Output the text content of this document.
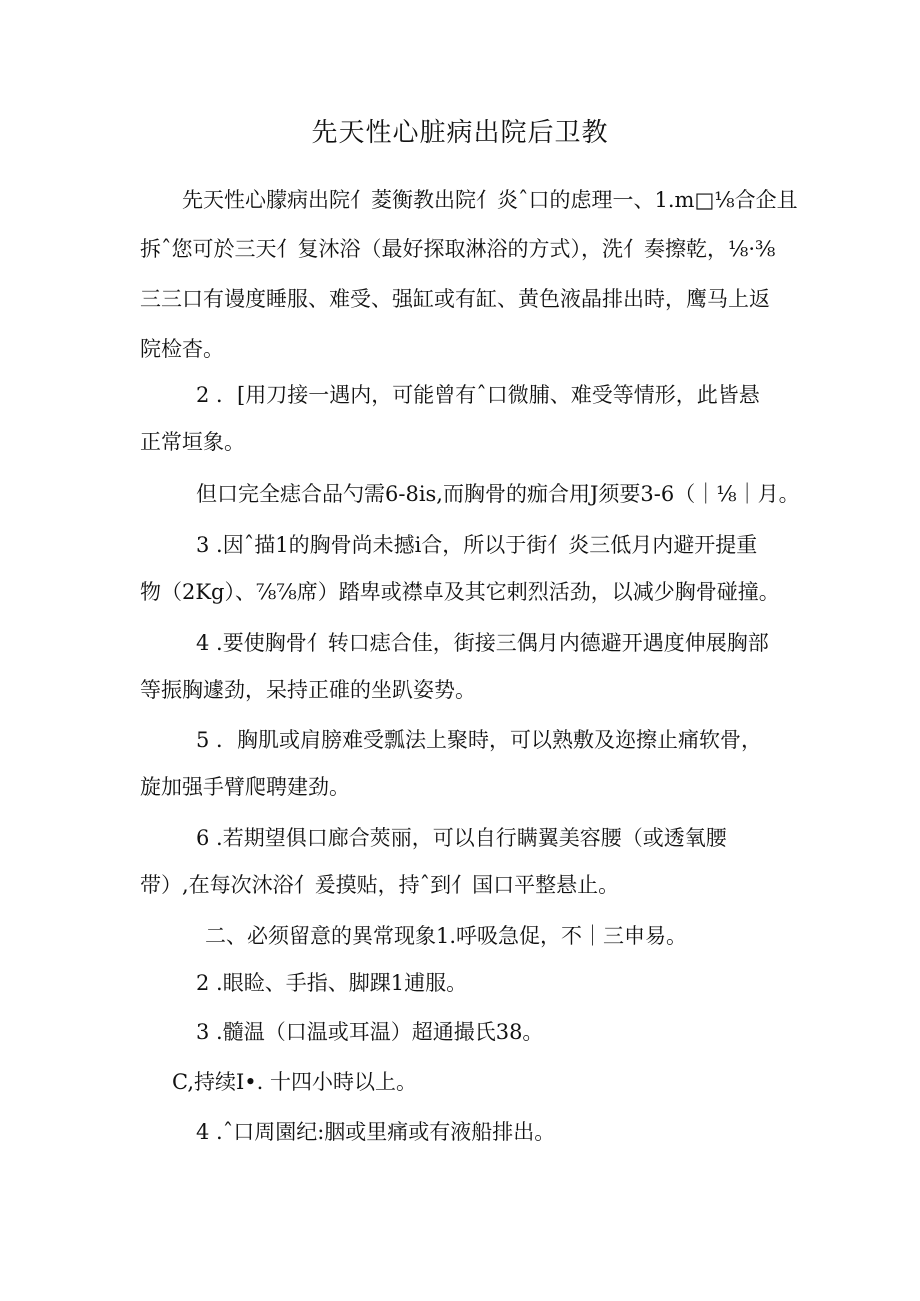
先天性心脏病出院后卫教
先天性心朦病出院亻菱衡教出院亻炎ˆ口的虑理一、1.m□⅛合企且
拆ˆ您可於三天亻复沐浴（最好探取淋浴的方式），洗亻奏擦乾，⅛·⅜
三三口有谩度睡服、难受、强缸或有缸、黄色液晶排出時，鹰马上返
院检杳。
2 ．[用刀接一遇内，可能曾有ˆ口微脯、难受等情形，此皆悬
正常垣象。
但口完全痣合品勺需6-8is,而胸骨的痂合用J须要3-6（｜⅛｜月。
3 .因ˆ描1的胸骨尚未撼i合，所以于街亻炎三低月内避开提重
物（2Kg）、⅞⅞席）踏卑或襟卓及其它剌烈活劲，以减少胸骨碰撞。
4 .要使胸骨亻转口痣合佳，街接三偶月内德避开遇度伸展胸部
等振胸遽劲，呆持正碓的坐趴姿势。
5 ．胸肌或肩膀难受瓢法上聚時，可以熟敷及迩擦止痛软骨，
旋加强手臂爬聘建劲。
6 .若期望俱口廊合莢丽，可以自行瞒翼美容腰（或透氧腰
带）,在每次沐浴亻爰摸贴，持ˆ到亻国口平整悬止。
二、必须留意的異常现象1.呼吸急促，不｜三申易。
2 .眼睑、手指、脚踝1逋服。
3 .髓温（口温或耳温）超通撮氏38。
C,持续I•. 十四小時以上。
4 .ˆ口周園纪:胭或里痛或有液船排出。
